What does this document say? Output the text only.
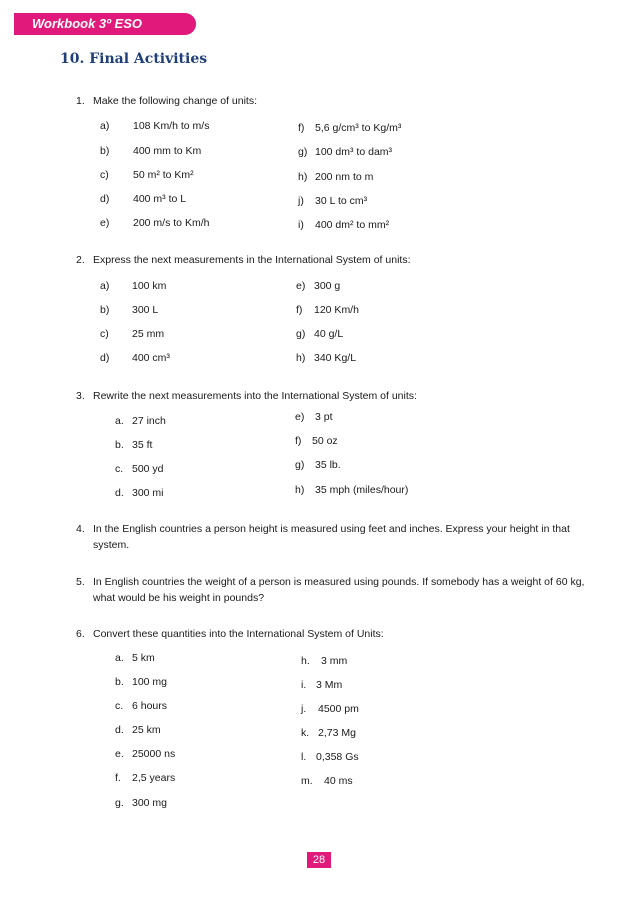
Workbook 3º ESO
10. Final Activities
1. Make the following change of units:
a) 108 Km/h to m/s
b) 400 mm to Km
c) 50 m² to Km²
d) 400 m³ to L
e) 200 m/s to Km/h
f) 5,6 g/cm³ to Kg/m³
g) 100 dm³ to dam³
h) 200 nm to m
j) 30 L to cm³
i) 400 dm² to mm²
2. Express the next measurements in the International System of units:
a) 100 km
b) 300 L
c) 25 mm
d) 400 cm³
e) 300 g
f) 120 Km/h
g) 40 g/L
h) 340 Kg/L
3. Rewrite the next measurements into the International System of units:
a. 27 inch
b. 35 ft
c. 500 yd
d. 300 mi
e) 3 pt
f) 50 oz
g) 35 lb.
h) 35 mph (miles/hour)
4. In the English countries a person height is measured using feet and inches. Express your height in that system.
5. In English countries the weight of a person is measured using pounds. If somebody has a weight of 60 kg, what would be his weight in pounds?
6. Convert these quantities into the International System of Units:
a. 5 km
b. 100 mg
c. 6 hours
d. 25 km
e. 25000 ns
f. 2,5 years
g. 300 mg
h. 3 mm
i. 3 Mm
j. 4500 pm
k. 2,73 Mg
l. 0,358 Gs
m. 40 ms
28
